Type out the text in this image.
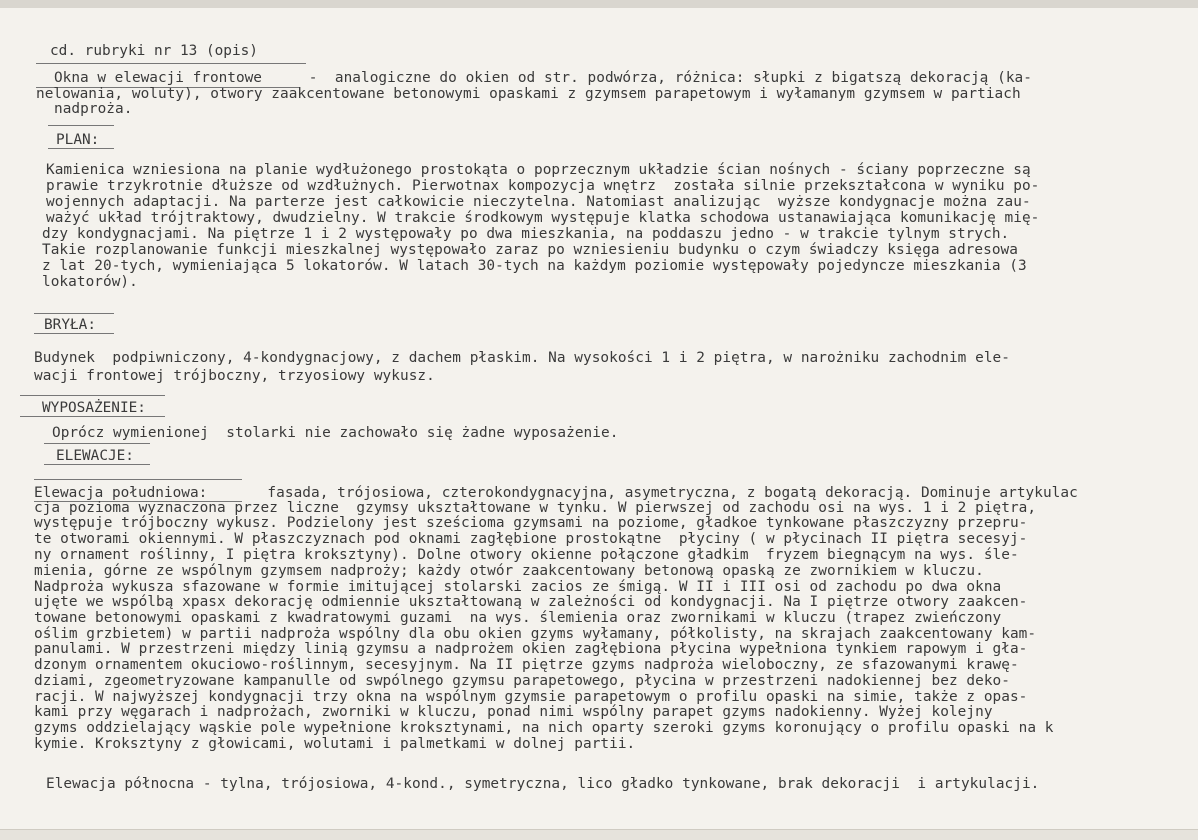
cd. rubryki nr 13 (opis)
Okna w elewacji frontowe	-  analogiczne do okien od str. podwórza, różnica: słupki z bigatszą dekoracją (ka-
nelowania, woluty), otwory zaakcentowane betonowymi opaskami z gzymsem parapetowym i wyłamanym gzymsem w partiach
nadproża.
PLAN:
Kamienica wzniesiona na planie wydłużonego prostokąta o poprzecznym układzie ścian nośnych - ściany poprzeczne są
prawie trzykrotnie dłuższe od wzdłużnych. Pierwotnax kompozycja wnętrz  została silnie przekształcona w wyniku po-
wojennych adaptacji. Na parterze jest całkowicie nieczytelna. Natomiast analizując  wyższe kondygnacje można zau-
ważyć układ trójtraktowy, dwudzielny. W trakcie środkowym występuje klatka schodowa ustanawiająca komunikację mię-
dzy kondygnacjami. Na piętrze 1 i 2 występowały po dwa mieszkania, na poddaszu jedno - w trakcie tylnym strych.
Takie rozplanowanie funkcji mieszkalnej występowało zaraz po wzniesieniu budynku o czym świadczy księga adresowa
z lat 20-tych, wymieniająca 5 lokatorów. W latach 30-tych na każdym poziomie występowały pojedyncze mieszkania (3
lokatorów).
BRYŁA:
Budynek  podpiwniczony, 4-kondygnacjowy, z dachem płaskim. Na wysokości 1 i 2 piętra, w narożniku zachodnim ele-
wacji frontowej trójboczny, trzyosiowy wykusz.
WYPOSAŻENIE:
Oprócz wymienionej  stolarki nie zachowało się żadne wyposażenie.
ELEWACJE:
Elewacja południowa:	fasada, trójosiowa, czterokondygnacyjna, asymetryczna, z bogatą dekoracją. Dominuje artykulac
cja pozioma wyznaczona przez liczne  gzymsy ukształtowane w tynku. W pierwszej od zachodu osi na wys. 1 i 2 piętra,
występuje trójboczny wykusz. Podzielony jest sześcioma gzymsami na poziome, gładkoe tynkowane płaszczyzny przepru-
te otworami okiennymi. W płaszczyznach pod oknami zagłębione prostokątne  płyciny ( w płycinach II piętra secesyj-
ny ornament roślinny, I piętra kroksztyny). Dolne otwory okienne połączone gładkim  fryzem biegnącym na wys. śle-
mienia, górne ze wspólnym gzymsem nadproży; każdy otwór zaakcentowany betonową opaską ze zwornikiem w kluczu.
Nadproża wykusza sfazowane w formie imitującej stolarski zacios ze śmigą. W II i III osi od zachodu po dwa okna
ujęte we wspólbą xpasx dekorację odmiennie ukształtowaną w zależności od kondygnacji. Na I piętrze otwory zaakcen-
towane betonowymi opaskami z kwadratowymi guzami  na wys. ślemienia oraz zwornikami w kluczu (trapez zwieńczony
oślim grzbietem) w partii nadproża wspólny dla obu okien gzyms wyłamany, półkolisty, na skrajach zaakcentowany kam-
panulami. W przestrzeni między linią gzymsu a nadprożem okien zagłębiona płycina wypełniona tynkiem rapowym i gła-
dzonym ornamentem okuciowo-roślinnym, secesyjnym. Na II piętrze gzyms nadproża wieloboczny, ze sfazowanymi krawę-
dziami, zgeometryzowane kampanulle od swpólnego gzymsu parapetowego, płycina w przestrzeni nadokiennej bez deko-
racji. W najwyższej kondygnacji trzy okna na wspólnym gzymsie parapetowym o profilu opaski na simie, także z opas-
kami przy węgarach i nadprożach, zworniki w kluczu, ponad nimi wspólny parapet gzyms nadokienny. Wyżej kolejny
gzyms oddzielający wąskie pole wypełnione kroksztynami, na nich oparty szeroki gzyms koronujący o profilu opaski na k
kymie. Kroksztyny z głowicami, wolutami i palmetkami w dolnej partii.
Elewacja północna - tylna, trójosiowa, 4-kond., symetryczna, lico gładko tynkowane, brak dekoracji  i artykulacji.
